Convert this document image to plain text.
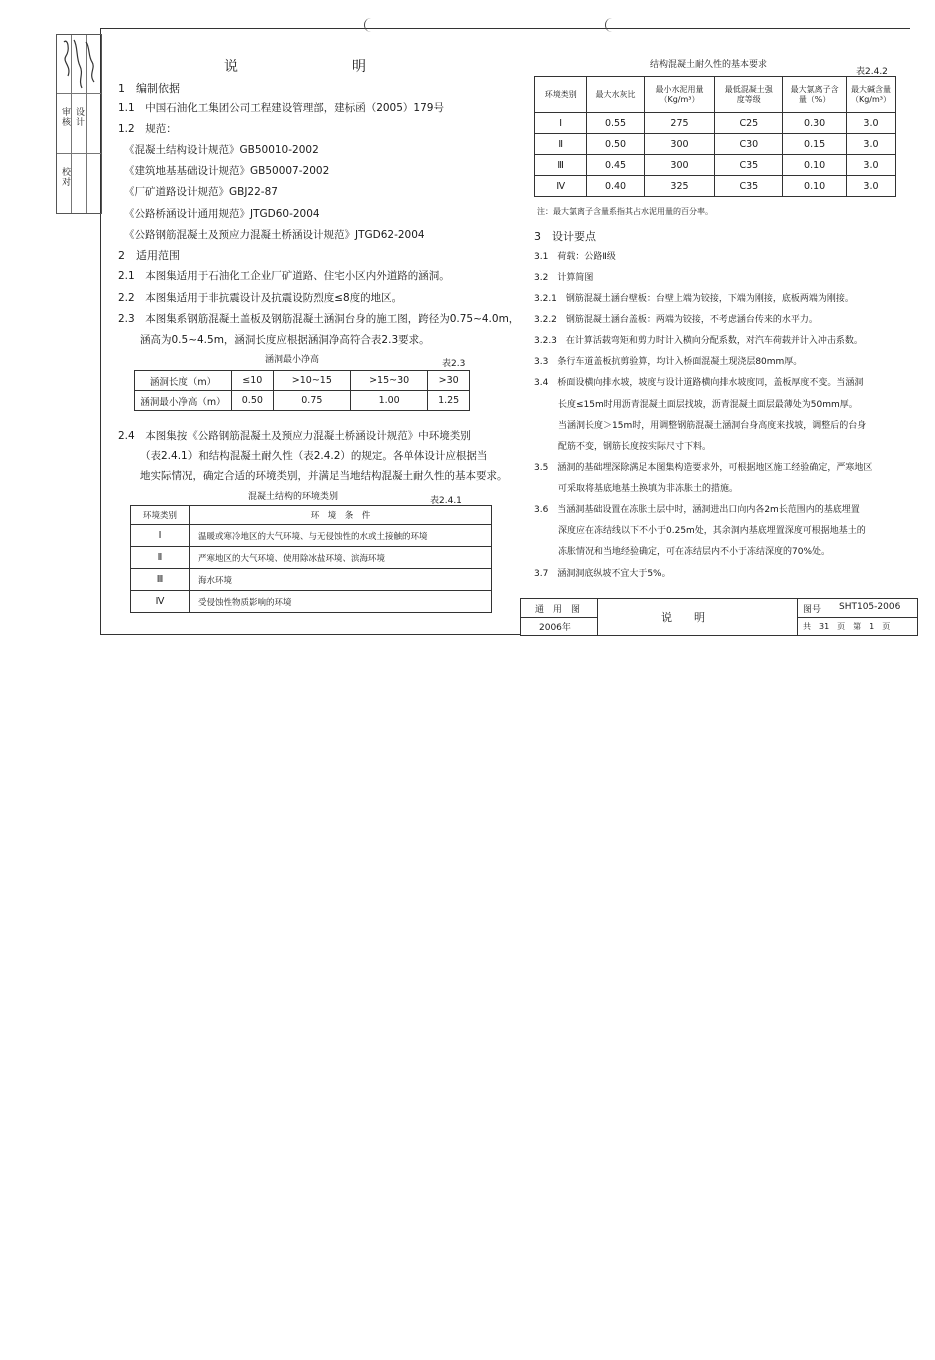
审核
校对
设计
说　明
1　编制依据
1.1　中国石油化工集团公司工程建设管理部，建标函（2005）179号
1.2　规范：
《混凝土结构设计规范》GB50010-2002
《建筑地基基础设计规范》GB50007-2002
《厂矿道路设计规范》GBJ22-87
《公路桥涵设计通用规范》JTGD60-2004
《公路钢筋混凝土及预应力混凝土桥涵设计规范》JTGD62-2004
2　适用范围
2.1　本图集适用于石油化工企业厂矿道路、住宅小区内外道路的涵洞。
2.2　本图集适用于非抗震设计及抗震设防烈度≤8度的地区。
2.3　本图集系钢筋混凝土盖板及钢筋混凝土涵洞台身的施工图，跨径为0.75~4.0m，
涵高为0.5~4.5m，涵洞长度应根据涵洞净高符合表2.3要求。
涵洞最小净高	表2.3
涵洞长度（m）	≤10	>10~15	>15~30	>30
涵洞最小净高（m）	0.50	0.75	1.00	1.25
2.4　本图集按《公路钢筋混凝土及预应力混凝土桥涵设计规范》中环境类别
（表2.4.1）和结构混凝土耐久性（表2.4.2）的规定。各单体设计应根据当
地实际情况，确定合适的环境类别，并满足当地结构混凝土耐久性的基本要求。
混凝土结构的环境类别	表2.4.1
环境类别	环　境　条　件
Ⅰ	温暖或寒冷地区的大气环境、与无侵蚀性的水或土接触的环境
Ⅱ	严寒地区的大气环境、使用除冰盐环境、滨海环境
Ⅲ	海水环境
Ⅳ	受侵蚀性物质影响的环境
结构混凝土耐久性的基本要求
表2.4.2
环境类别	最大水灰比	最小水泥用量（Kg/m³）	最低混凝土强度等级	最大氯离子含量（%）	最大碱含量（Kg/m³）
Ⅰ	0.55	275	C25	0.30	3.0
Ⅱ	0.50	300	C30	0.15	3.0
Ⅲ	0.45	300	C35	0.10	3.0
Ⅳ	0.40	325	C35	0.10	3.0
注：最大氯离子含量系指其占水泥用量的百分率。
3　设计要点
3.1　荷载：公路Ⅱ级
3.2　计算简图
3.2.1　钢筋混凝土涵台壁板：台壁上端为铰接，下端为刚接，底板两端为刚接。
3.2.2　钢筋混凝土涵台盖板：两端为铰接，不考虑涵台传来的水平力。
3.2.3　在计算活载弯矩和剪力时计入横向分配系数，对汽车荷载并计入冲击系数。
3.3　条行车道盖板抗剪验算，均计入桥面混凝土现浇层80mm厚。
3.4　桥面设横向排水坡，坡度与设计道路横向排水坡度同，盖板厚度不变。当涵洞
长度≤15m时用沥青混凝土面层找坡，沥青混凝土面层最薄处为50mm厚。
当涵洞长度＞15m时，用调整钢筋混凝土涵洞台身高度来找坡，调整后的台身
配筋不变，钢筋长度按实际尺寸下料。
3.5　涵洞的基础埋深除满足本图集构造要求外，可根据地区施工经验确定，严寒地区
可采取将基底地基土换填为非冻胀土的措施。
3.6　当涵洞基础设置在冻胀土层中时，涵洞进出口向内各2m长范围内的基底埋置
深度应在冻结线以下不小于0.25m处，其余洞内基底埋置深度可根据地基土的
冻胀情况和当地经验确定，可在冻结层内不小于冻结深度的70%处。
3.7　涵洞洞底纵坡不宜大于5%。
通　用　图
2006年
说　　明
图号 SHT105-2006
共　31　页　第　1　页
